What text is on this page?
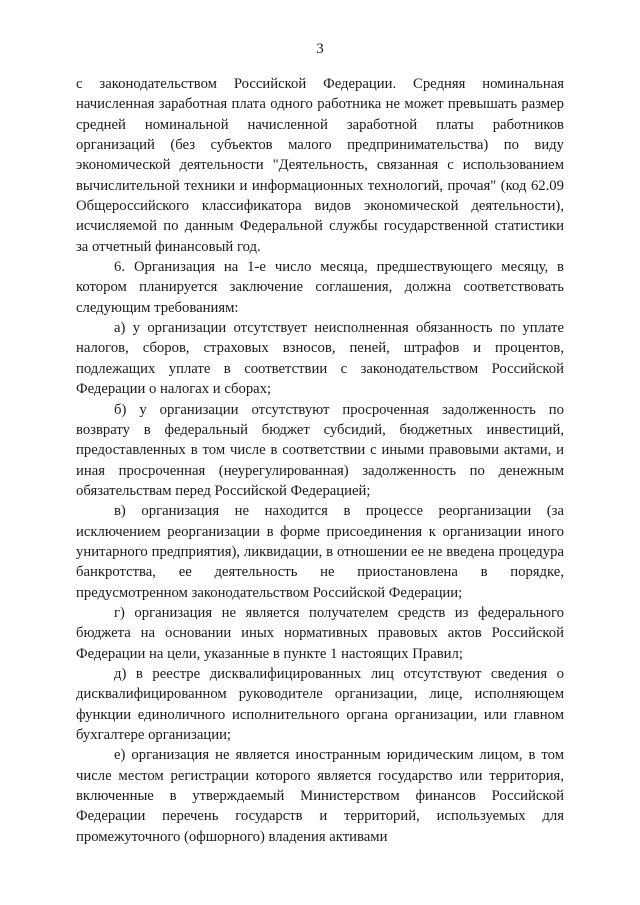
3

с законодательством Российской Федерации. Средняя номинальная начисленная заработная плата одного работника не может превышать размер средней номинальной начисленной заработной платы работников организаций (без субъектов малого предпринимательства) по виду экономической деятельности "Деятельность, связанная с использованием вычислительной техники и информационных технологий, прочая" (код 62.09 Общероссийского классификатора видов экономической деятельности), исчисляемой по данным Федеральной службы государственной статистики за отчетный финансовый год.

6. Организация на 1-е число месяца, предшествующего месяцу, в котором планируется заключение соглашения, должна соответствовать следующим требованиям:

а) у организации отсутствует неисполненная обязанность по уплате налогов, сборов, страховых взносов, пеней, штрафов и процентов, подлежащих уплате в соответствии с законодательством Российской Федерации о налогах и сборах;

б) у организации отсутствуют просроченная задолженность по возврату в федеральный бюджет субсидий, бюджетных инвестиций, предоставленных в том числе в соответствии с иными правовыми актами, и иная просроченная (неурегулированная) задолженность по денежным обязательствам перед Российской Федерацией;

в) организация не находится в процессе реорганизации (за исключением реорганизации в форме присоединения к организации иного унитарного предприятия), ликвидации, в отношении ее не введена процедура банкротства, ее деятельность не приостановлена в порядке, предусмотренном законодательством Российской Федерации;

г) организация не является получателем средств из федерального бюджета на основании иных нормативных правовых актов Российской Федерации на цели, указанные в пункте 1 настоящих Правил;

д) в реестре дисквалифицированных лиц отсутствуют сведения о дисквалифицированном руководителе организации, лице, исполняющем функции единоличного исполнительного органа организации, или главном бухгалтере организации;

е) организация не является иностранным юридическим лицом, в том числе местом регистрации которого является государство или территория, включенные в утверждаемый Министерством финансов Российской Федерации перечень государств и территорий, используемых для промежуточного (офшорного) владения активами
